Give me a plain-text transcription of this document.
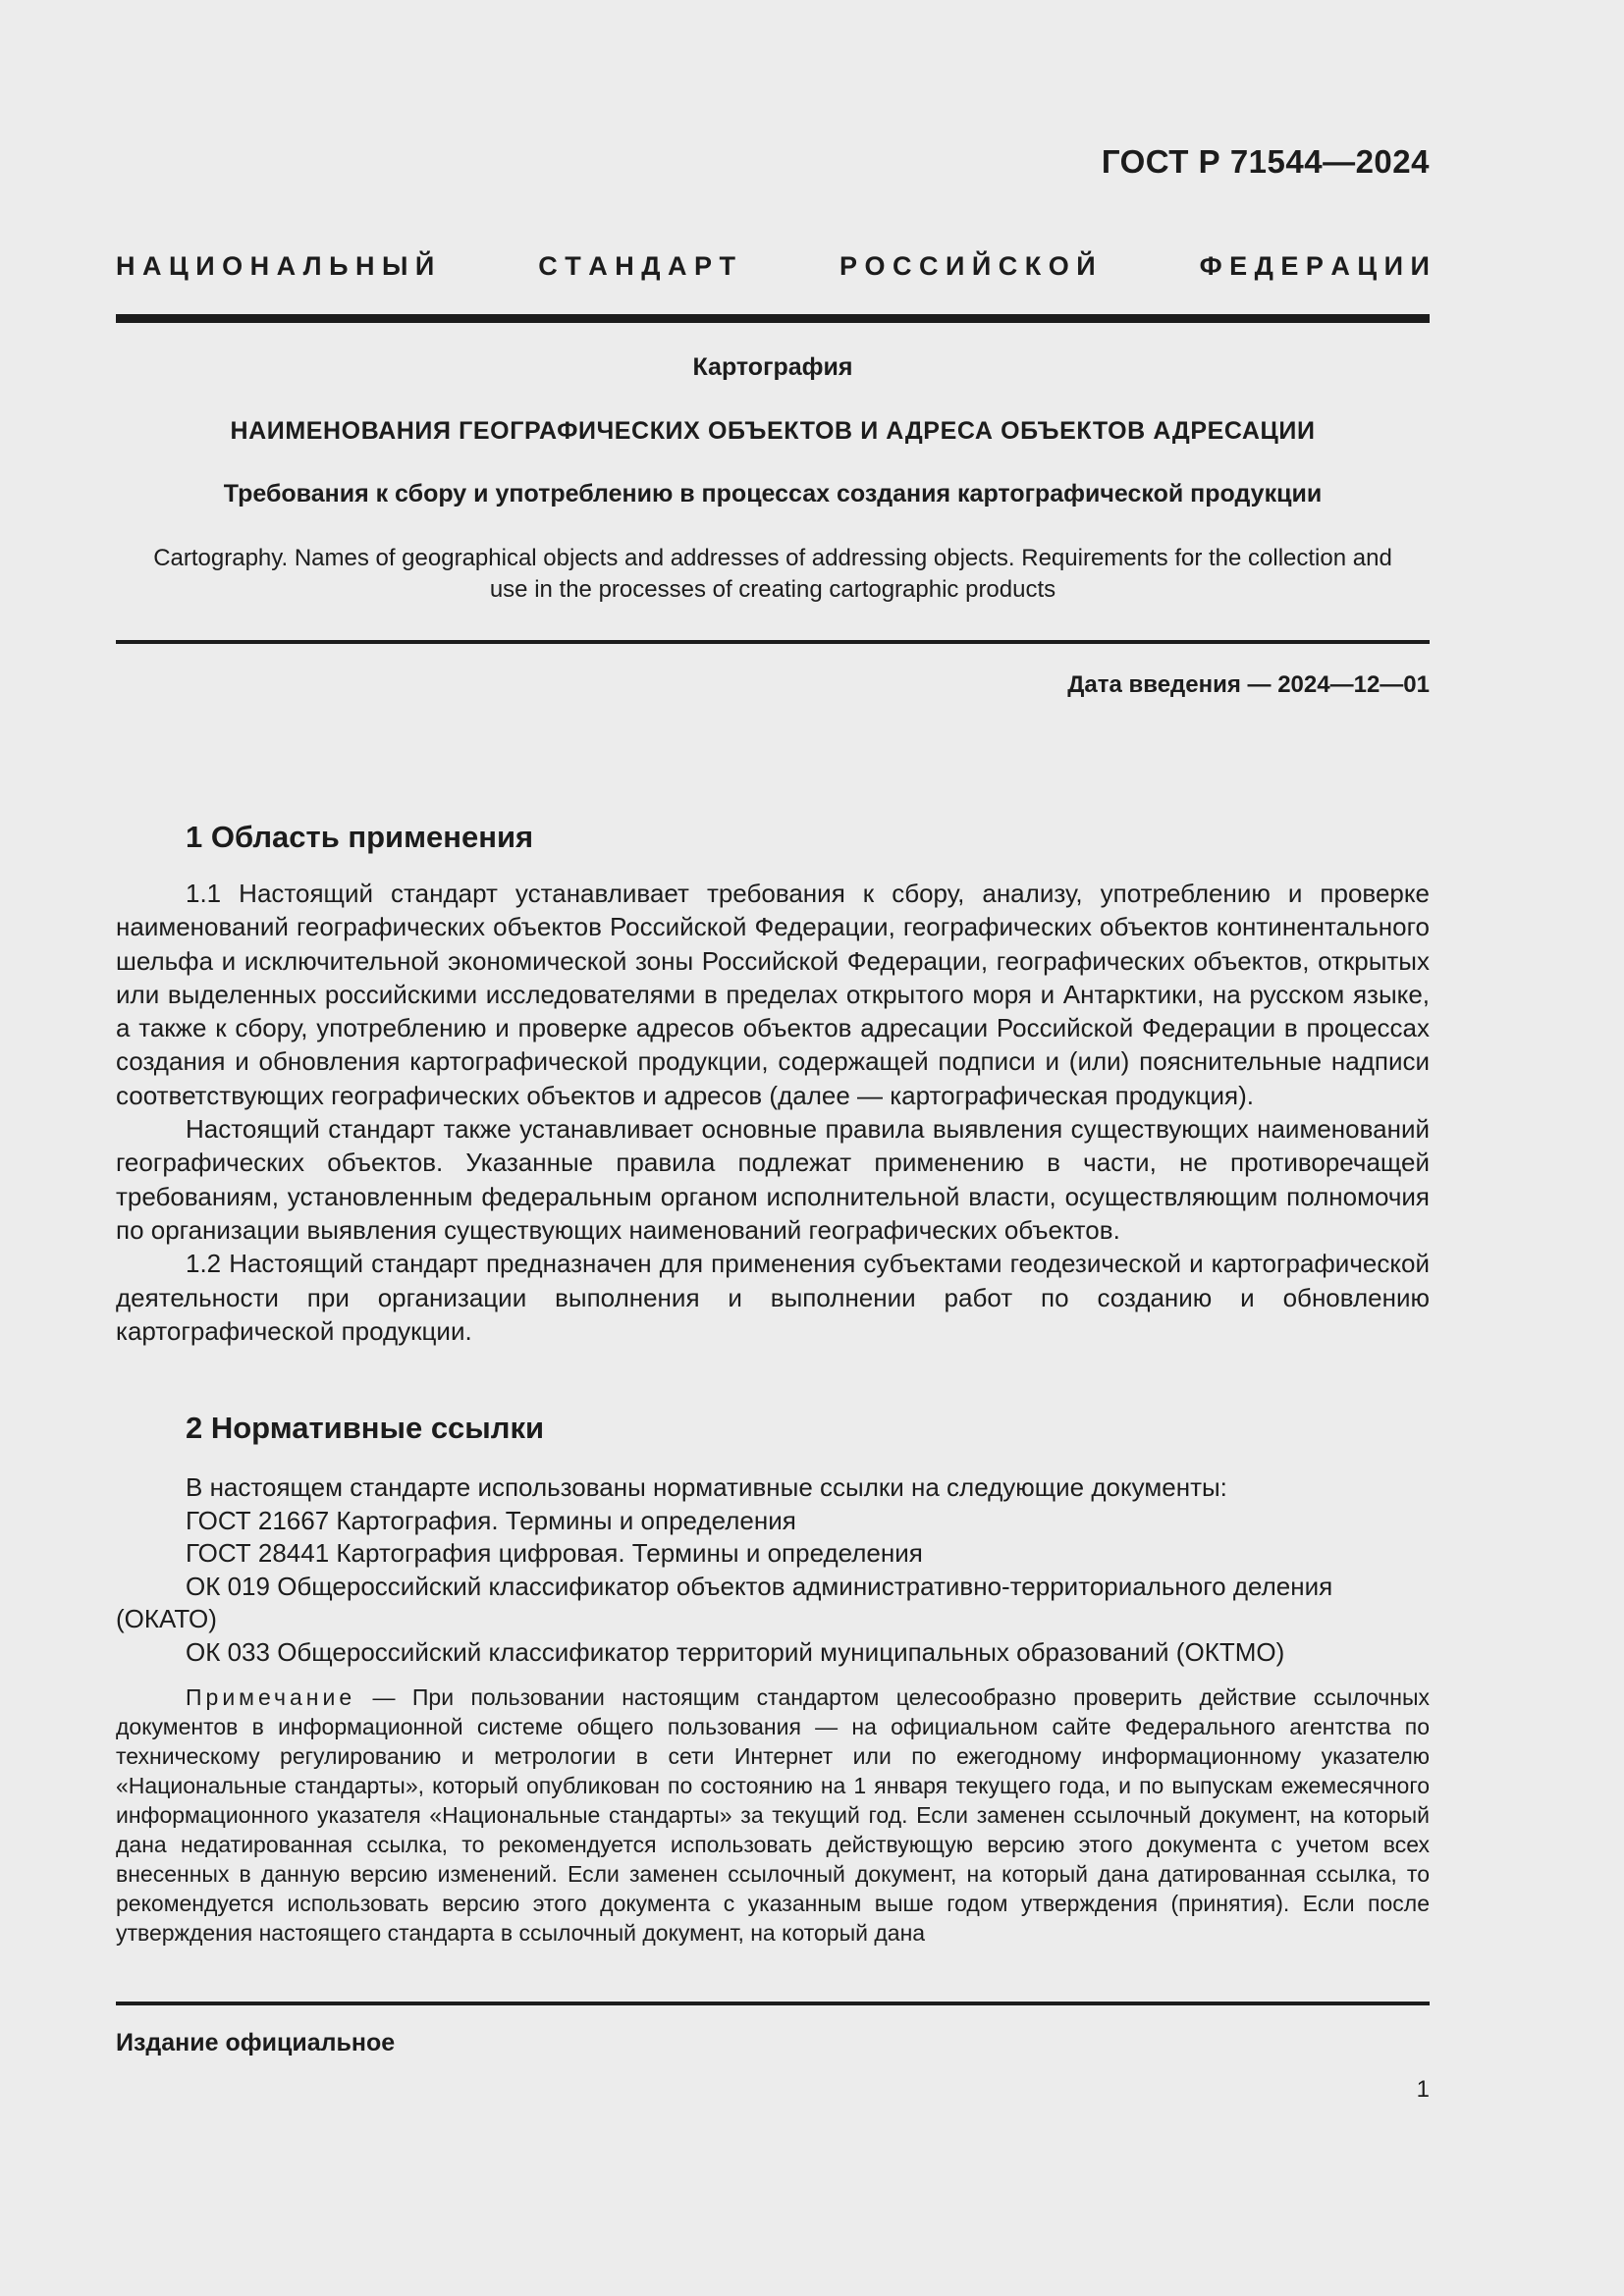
ГОСТ Р 71544—2024
Н А Ц И О Н А Л Ь Н Ы Й	С Т А Н Д А Р Т	Р О С С И Й С К О Й	Ф Е Д Е Р А Ц И И
Картография
НАИМЕНОВАНИЯ ГЕОГРАФИЧЕСКИХ ОБЪЕКТОВ И АДРЕСА ОБЪЕКТОВ АДРЕСАЦИИ
Требования к сбору и употреблению в процессах создания картографической продукции
Cartography. Names of geographical objects and addresses of addressing objects. Requirements for the collection and
use in the processes of creating cartographic products
Дата введения — 2024—12—01
1 Область применения

1.1 Настоящий стандарт устанавливает требования к сбору, анализу, употреблению и проверке наименований географических объектов Российской Федерации, географических объектов континентального шельфа и исключительной экономической зоны Российской Федерации, географических объектов, открытых или выделенных российскими исследователями в пределах открытого моря и Антарктики, на русском языке, а также к сбору, употреблению и проверке адресов объектов адресации Российской Федерации в процессах создания и обновления картографической продукции, содержащей подписи и (или) пояснительные надписи соответствующих географических объектов и адресов (далее — картографическая продукция).

Настоящий стандарт также устанавливает основные правила выявления существующих наименований географических объектов. Указанные правила подлежат применению в части, не противоречащей требованиям, установленным федеральным органом исполнительной власти, осуществляющим полномочия по организации выявления существующих наименований географических объектов.

1.2 Настоящий стандарт предназначен для применения субъектами геодезической и картографической деятельности при организации выполнения и выполнении работ по созданию и обновлению картографической продукции.

2 Нормативные ссылки

В настоящем стандарте использованы нормативные ссылки на следующие документы:

ГОСТ 21667 Картография. Термины и определения

ГОСТ 28441 Картография цифровая. Термины и определения

ОК 019 Общероссийский классификатор объектов административно-территориального деления (ОКАТО)

ОК 033 Общероссийский классификатор территорий муниципальных образований (ОКТМО)

Примечание — При пользовании настоящим стандартом целесообразно проверить действие ссылочных документов в информационной системе общего пользования — на официальном сайте Федерального агентства по техническому регулированию и метрологии в сети Интернет или по ежегодному информационному указателю «Национальные стандарты», который опубликован по состоянию на 1 января текущего года, и по выпускам ежемесячного информационного указателя «Национальные стандарты» за текущий год. Если заменен ссылочный документ, на который дана недатированная ссылка, то рекомендуется использовать действующую версию этого документа с учетом всех внесенных в данную версию изменений. Если заменен ссылочный документ, на который дана датированная ссылка, то рекомендуется использовать версию этого документа с указанным выше годом утверждения (принятия). Если после утверждения настоящего стандарта в ссылочный документ, на который дана

Издание официальное
1
